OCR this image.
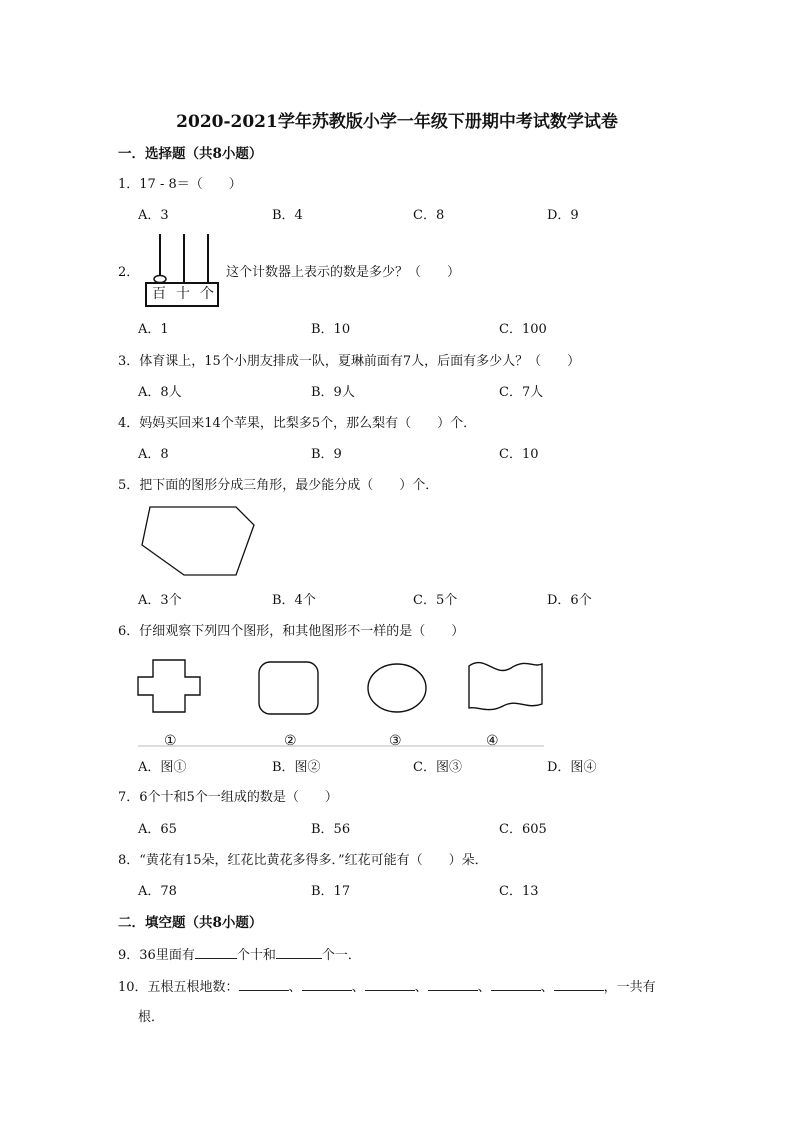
2020-2021学年苏教版小学一年级下册期中考试数学试卷
一．选择题（共8小题）
1．17 - 8＝（　　）
A．3	B．4	C．8	D．9
2．
百 十 个
这个计数器上表示的数是多少？（　　）
A．1	B．10	C．100
3．体育课上，15个小朋友排成一队，夏琳前面有7人，后面有多少人？（　　）
A．8人	B．9人	C．7人
4．妈妈买回来14个苹果，比梨多5个，那么梨有（　　）个．
A．8	B．9	C．10
5．把下面的图形分成三角形，最少能分成（　　）个．
A．3个	B．4个	C．5个	D．6个
6．仔细观察下列四个图形，和其他图形不一样的是（　　）
①	②	③	④
A．图①	B．图②	C．图③	D．图④
7．6个十和5个一组成的数是（　　）
A．65	B．56	C．605
8．“黄花有15朵，红花比黄花多得多．”红花可能有（　　）朵．
A．78	B．17	C．13
二．填空题（共8小题）
9．36里面有	个十和	个一．
10．五根五根地数：	、	、	、	、	、	，一共有
根．
